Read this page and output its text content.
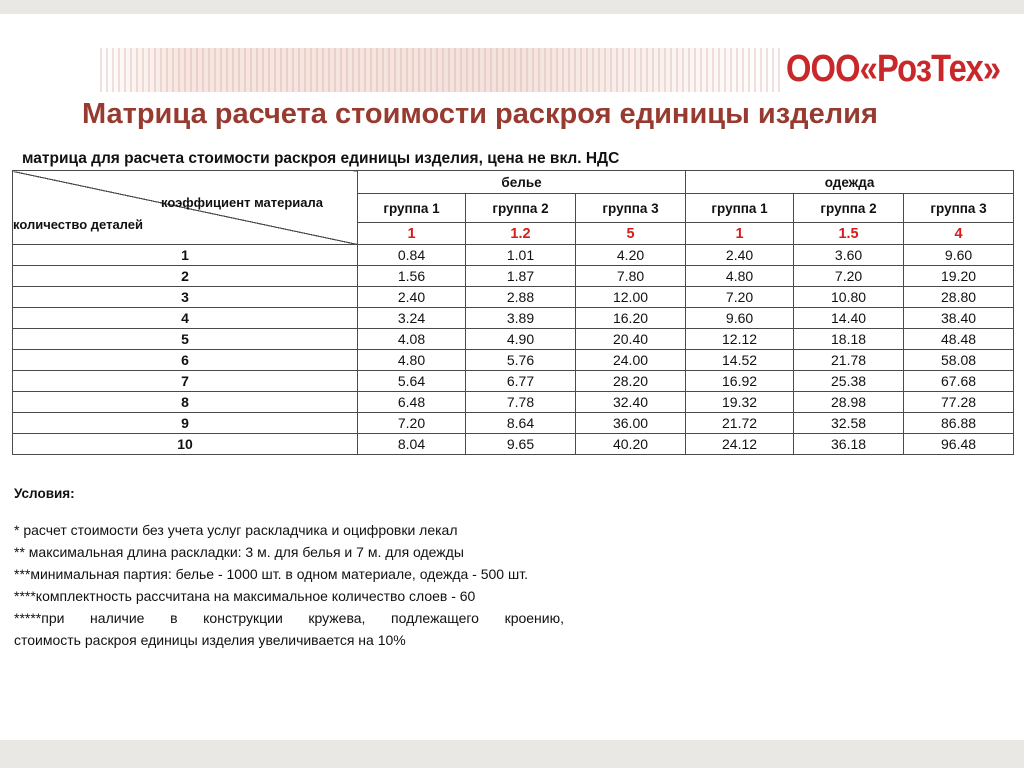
ООО«РозТех»
Матрица расчета стоимости раскроя единицы изделия
матрица для расчета стоимости раскроя единицы изделия, цена не вкл. НДС
коэффициент материала
количество деталей	белье			одежда		
	группа 1	группа 2	группа 3	группа 1	группа 2	группа 3
	1	1.2	5	1	1.5	4
1	0.84	1.01	4.20	2.40	3.60	9.60
2	1.56	1.87	7.80	4.80	7.20	19.20
3	2.40	2.88	12.00	7.20	10.80	28.80
4	3.24	3.89	16.20	9.60	14.40	38.40
5	4.08	4.90	20.40	12.12	18.18	48.48
6	4.80	5.76	24.00	14.52	21.78	58.08
7	5.64	6.77	28.20	16.92	25.38	67.68
8	6.48	7.78	32.40	19.32	28.98	77.28
9	7.20	8.64	36.00	21.72	32.58	86.88
10	8.04	9.65	40.20	24.12	36.18	96.48
Условия:
* расчет стоимости без учета услуг раскладчика и оцифровки лекал
** максимальная длина раскладки: 3 м. для белья и 7 м. для одежды
***минимальная партия: белье - 1000 шт. в одном материале, одежда - 500 шт.
****комплектность рассчитана на максимальное количество слоев - 60
*****при наличие в конструкции кружева, подлежащего кроению,
стоимость раскроя единицы изделия увеличивается на 10%
